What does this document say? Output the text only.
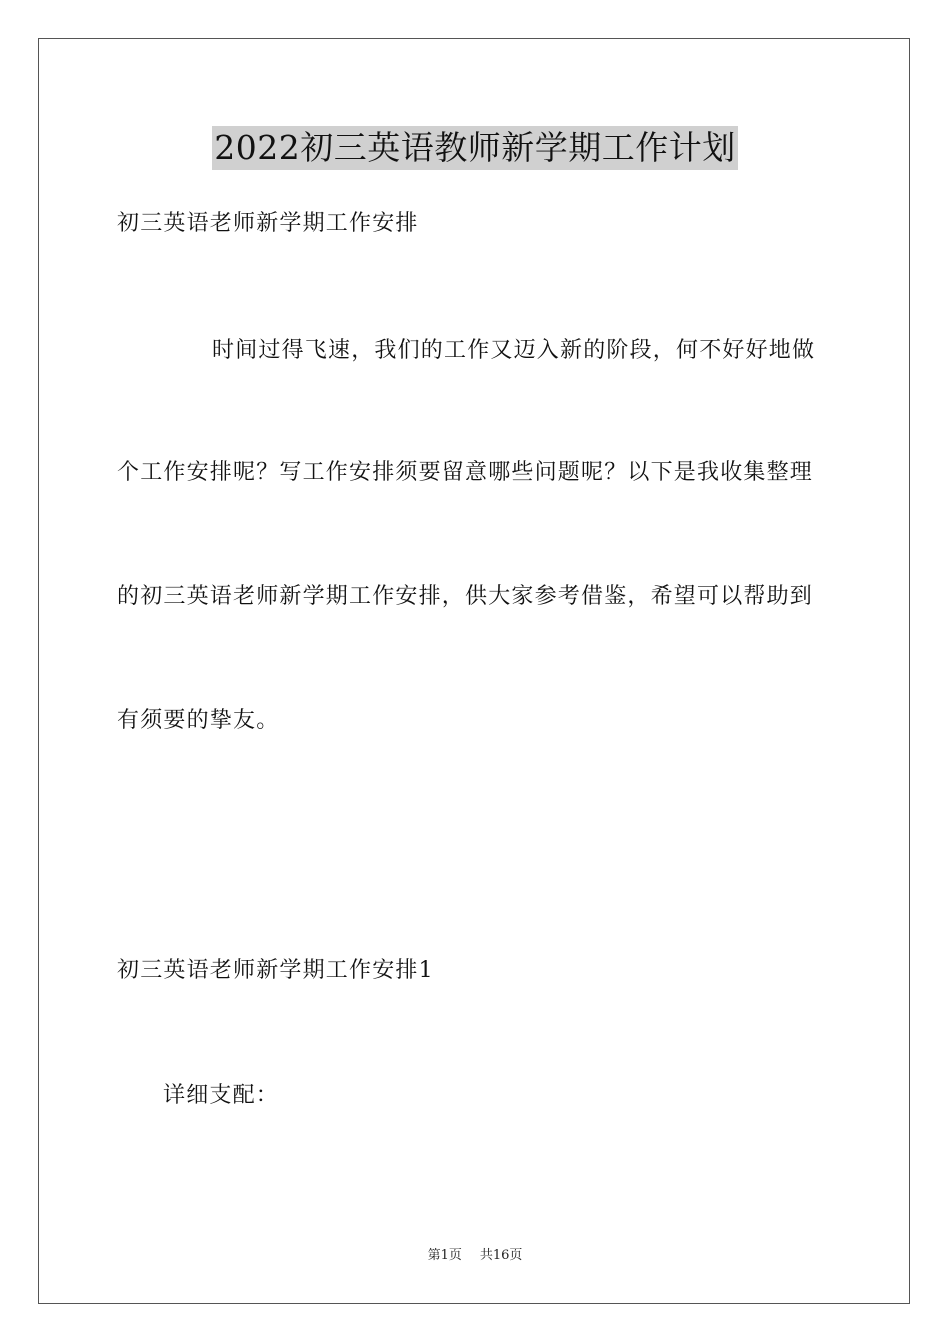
2022初三英语教师新学期工作计划
初三英语老师新学期工作安排
时间过得飞速，我们的工作又迈入新的阶段，何不好好地做
个工作安排呢？写工作安排须要留意哪些问题呢？以下是我收集整理
的初三英语老师新学期工作安排，供大家参考借鉴，希望可以帮助到
有须要的挚友。
初三英语老师新学期工作安排1
详细支配：
第1页 共16页
